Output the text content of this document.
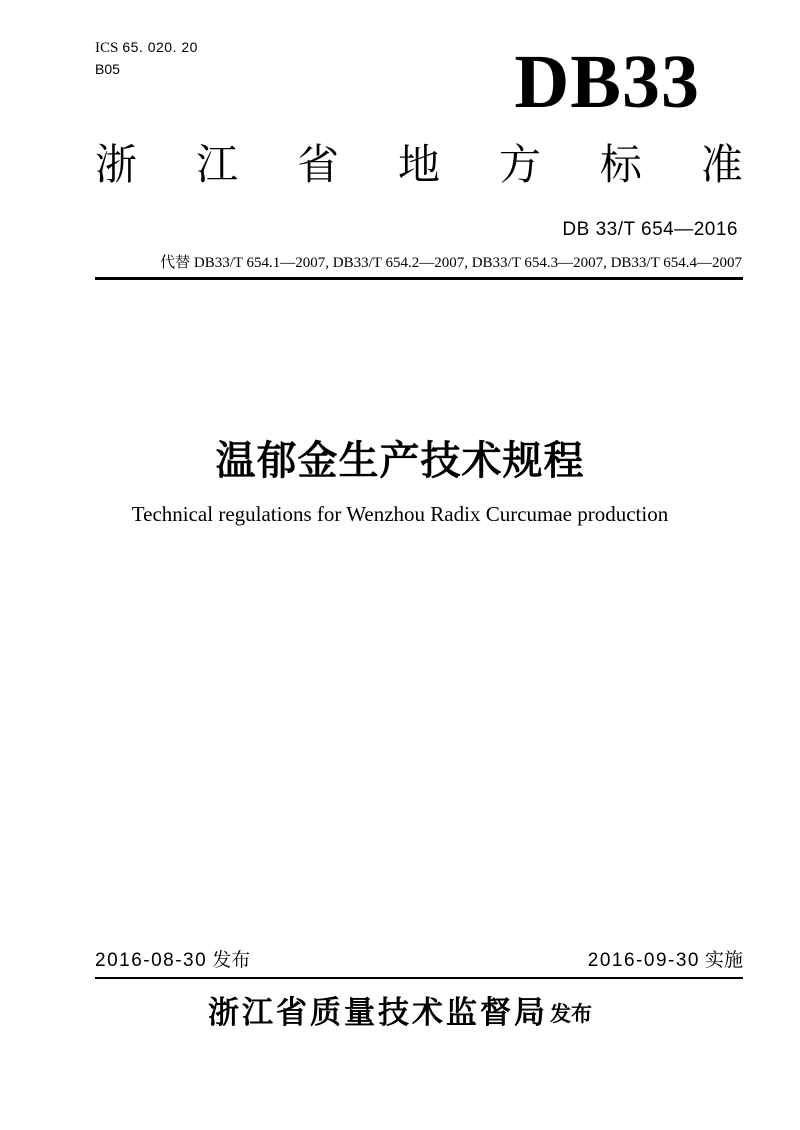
ICS 65. 020. 20
B05	DB33
浙 江 省 地 方 标 准
DB 33/T 654—2016
代替 DB33/T 654.1—2007, DB33/T 654.2—2007, DB33/T 654.3—2007, DB33/T 654.4—2007
温郁金生产技术规程
Technical regulations for Wenzhou Radix Curcumae production
2016-08-30 发布	2016-09-30 实施
浙江省质量技术监督局 发布
